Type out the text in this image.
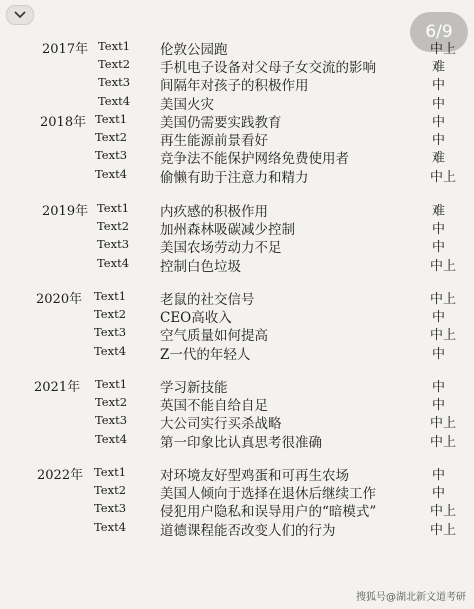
6/9
2017年 Text1 伦敦公园跑	中上
Text2 手机电子设备对父母子女交流的影响	难
Text3 间隔年对孩子的积极作用	中
Text4 美国火灾	中
2018年 Text1 美国仍需要实践教育	中
Text2 再生能源前景看好	中
Text3 竞争法不能保护网络免费使用者	难
Text4 偷懒有助于注意力和精力	中上
2019年 Text1 内疚感的积极作用	难
Text2 加州森林吸碳减少控制	中
Text3 美国农场劳动力不足	中
Text4 控制白色垃圾	中上
2020年 Text1	老鼠的社交信号	中上
Text2	CEO高收入	中
Text3	空气质量如何提高	中上
Text4	Z一代的年轻人	中
2021年 Text1 学习新技能	中
Text2 英国不能自给自足	中
Text3 大公司实行买杀战略	中上
Text4 第一印象比认真思考很准确	中上
2022年 Text1	对环境友好型鸡蛋和可再生农场	中
Text2	美国人倾向于选择在退休后继续工作	中
Text3	侵犯用户隐私和误导用户的“暗模式”	中上
Text4	道德课程能否改变人们的行为	中上
搜狐号@湖北新文道考研
